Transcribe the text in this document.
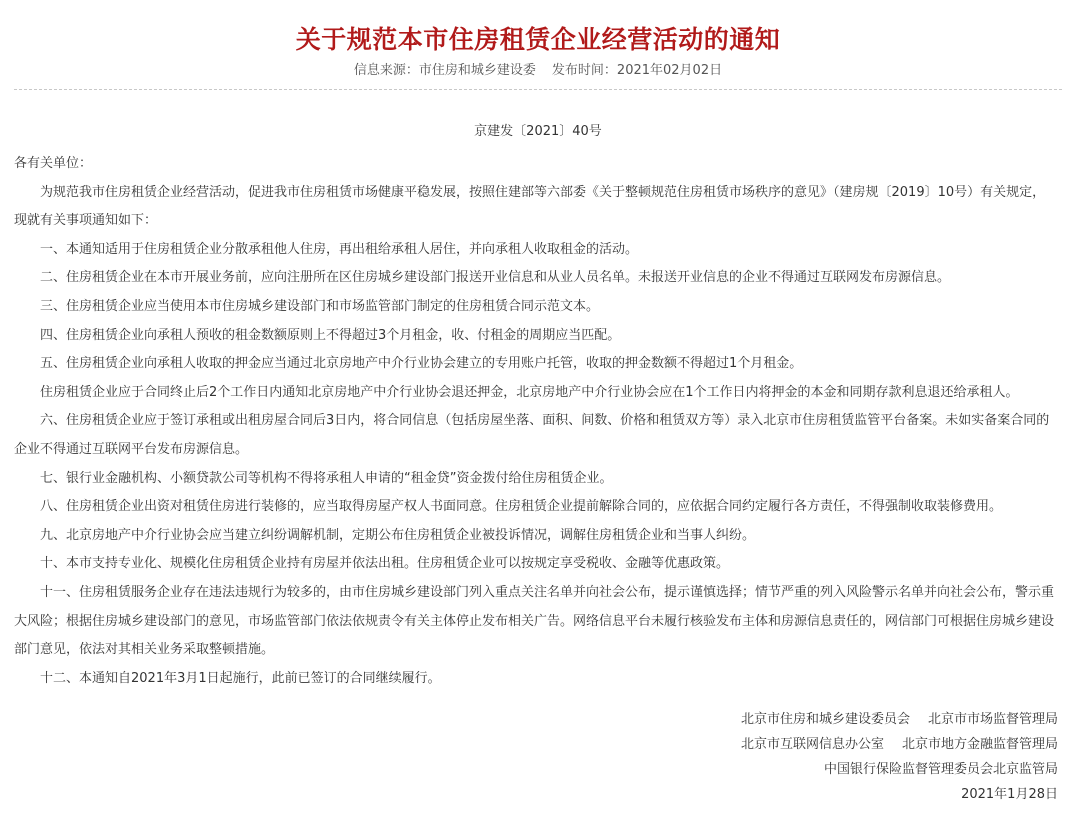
关于规范本市住房租赁企业经营活动的通知
信息来源：市住房和城乡建设委 发布时间：2021年02月02日
京建发〔2021〕40号

各有关单位：

为规范我市住房租赁企业经营活动，促进我市住房租赁市场健康平稳发展，按照住建部等六部委《关于整顿规范住房租赁市场秩序的意见》（建房规〔2019〕10号）有关规定，现就有关事项通知如下：

一、本通知适用于住房租赁企业分散承租他人住房，再出租给承租人居住，并向承租人收取租金的活动。

二、住房租赁企业在本市开展业务前，应向注册所在区住房城乡建设部门报送开业信息和从业人员名单。未报送开业信息的企业不得通过互联网发布房源信息。

三、住房租赁企业应当使用本市住房城乡建设部门和市场监管部门制定的住房租赁合同示范文本。

四、住房租赁企业向承租人预收的租金数额原则上不得超过3个月租金，收、付租金的周期应当匹配。

五、住房租赁企业向承租人收取的押金应当通过北京房地产中介行业协会建立的专用账户托管，收取的押金数额不得超过1个月租金。

住房租赁企业应于合同终止后2个工作日内通知北京房地产中介行业协会退还押金，北京房地产中介行业协会应在1个工作日内将押金的本金和同期存款利息退还给承租人。

六、住房租赁企业应于签订承租或出租房屋合同后3日内，将合同信息（包括房屋坐落、面积、间数、价格和租赁双方等）录入北京市住房租赁监管平台备案。未如实备案合同的企业不得通过互联网平台发布房源信息。

七、银行业金融机构、小额贷款公司等机构不得将承租人申请的“租金贷”资金拨付给住房租赁企业。

八、住房租赁企业出资对租赁住房进行装修的，应当取得房屋产权人书面同意。住房租赁企业提前解除合同的，应依据合同约定履行各方责任，不得强制收取装修费用。

九、北京房地产中介行业协会应当建立纠纷调解机制，定期公布住房租赁企业被投诉情况，调解住房租赁企业和当事人纠纷。

十、本市支持专业化、规模化住房租赁企业持有房屋并依法出租。住房租赁企业可以按规定享受税收、金融等优惠政策。

十一、住房租赁服务企业存在违法违规行为较多的，由市住房城乡建设部门列入重点关注名单并向社会公布，提示谨慎选择；情节严重的列入风险警示名单并向社会公布，警示重大风险；根据住房城乡建设部门的意见，市场监管部门依法依规责令有关主体停止发布相关广告。网络信息平台未履行核验发布主体和房源信息责任的，网信部门可根据住房城乡建设部门意见，依法对其相关业务采取整顿措施。

十二、本通知自2021年3月1日起施行，此前已签订的合同继续履行。

北京市住房和城乡建设委员会 北京市市场监督管理局
北京市互联网信息办公室 北京市地方金融监督管理局
中国银行保险监督管理委员会北京监管局
2021年1月28日
